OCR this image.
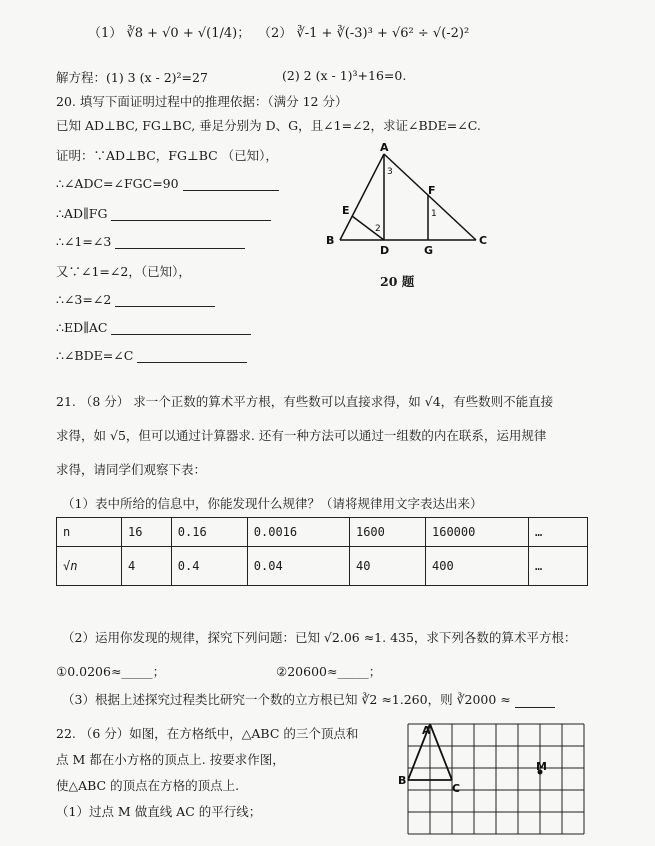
（1） ∛8 + √0 + √(1/4)； （2） ∛-1 + ∛(-3)³ + √6² ÷ √(-2)²
解方程：(1) 3 (x - 2)²=27	(2) 2 (x - 1)³+16=0.
20. 填写下面证明过程中的推理依据：（满分 12 分）
已知 AD⊥BC, FG⊥BC, 垂足分别为 D、G，且∠1=∠2，求证∠BDE=∠C.
证明：∵AD⊥BC，FG⊥BC （已知），
∴∠ADC=∠FGC=90
∴AD∥FG
∴∠1=∠3
又∵∠1=∠2，（已知），
∴∠3=∠2
∴ED∥AC
∴∠BDE=∠C
A
B	C
D
E
F
G
1
2
3
20 题
21. （8 分） 求一个正数的算术平方根，有些数可以直接求得，如 √4，有些数则不能直接
求得，如 √5，但可以通过计算器求. 还有一种方法可以通过一组数的内在联系，运用规律
求得，请同学们观察下表：
（1）表中所给的信息中，你能发现什么规律？（请将规律用文字表达出来）
n	16	0.16	0.0016	1600	160000	…
√n	4	0.4	0.04	40	400	…
（2）运用你发现的规律，探究下列问题：已知 √2.06 ≈1. 435，求下列各数的算术平方根：
①0.0206≈_____；	②20600≈_____；
（3）根据上述探究过程类比研究一个数的立方根已知 ∛2 ≈1.260，则 ∛2000 ≈
22. （6 分）如图，在方格纸中，△ABC 的三个顶点和
点 M 都在小方格的顶点上. 按要求作图，
使△ABC 的顶点在方格的顶点上.
（1）过点 M 做直线 AC 的平行线；
A
B
C
M
